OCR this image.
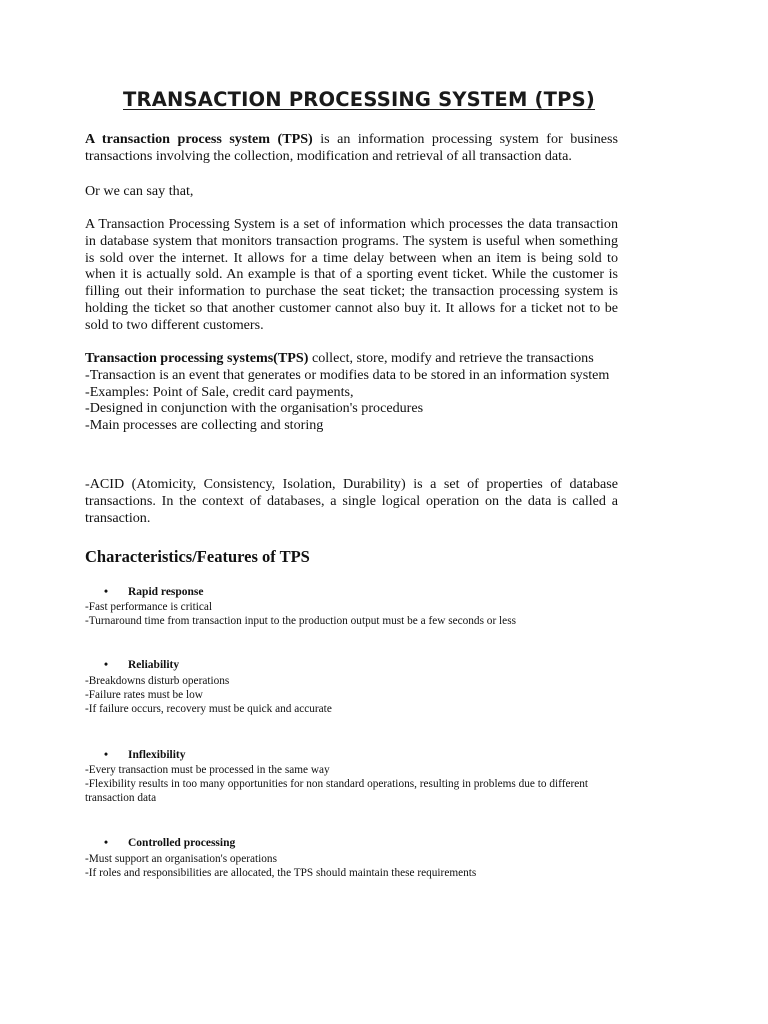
TRANSACTION PROCESSING SYSTEM (TPS)
A transaction process system (TPS) is an information processing system for business transactions involving the collection, modification and retrieval of all transaction data.
Or we can say that,
A Transaction Processing System is a set of information which processes the data transaction in database system that monitors transaction programs. The system is useful when something is sold over the internet. It allows for a time delay between when an item is being sold to when it is actually sold. An example is that of a sporting event ticket. While the customer is filling out their information to purchase the seat ticket; the transaction processing system is holding the ticket so that another customer cannot also buy it. It allows for a ticket not to be sold to two different customers.
Transaction processing systems(TPS) collect, store, modify and retrieve the transactions
-Transaction is an event that generates or modifies data to be stored in an information system
-Examples: Point of Sale, credit card payments,
-Designed in conjunction with the organisation's procedures
-Main processes are collecting and storing
-ACID (Atomicity, Consistency, Isolation, Durability) is a set of properties of database transactions. In the context of databases, a single logical operation on the data is called a transaction.
Characteristics/Features of TPS
• Rapid response
-Fast performance is critical
-Turnaround time from transaction input to the production output must be a few seconds or less
• Reliability
-Breakdowns disturb operations
-Failure rates must be low
-If failure occurs, recovery must be quick and accurate
• Inflexibility
-Every transaction must be processed in the same way
-Flexibility results in too many opportunities for non standard operations, resulting in problems due to different
transaction data
• Controlled processing
-Must support an organisation's operations
-If roles and responsibilities are allocated, the TPS should maintain these requirements
